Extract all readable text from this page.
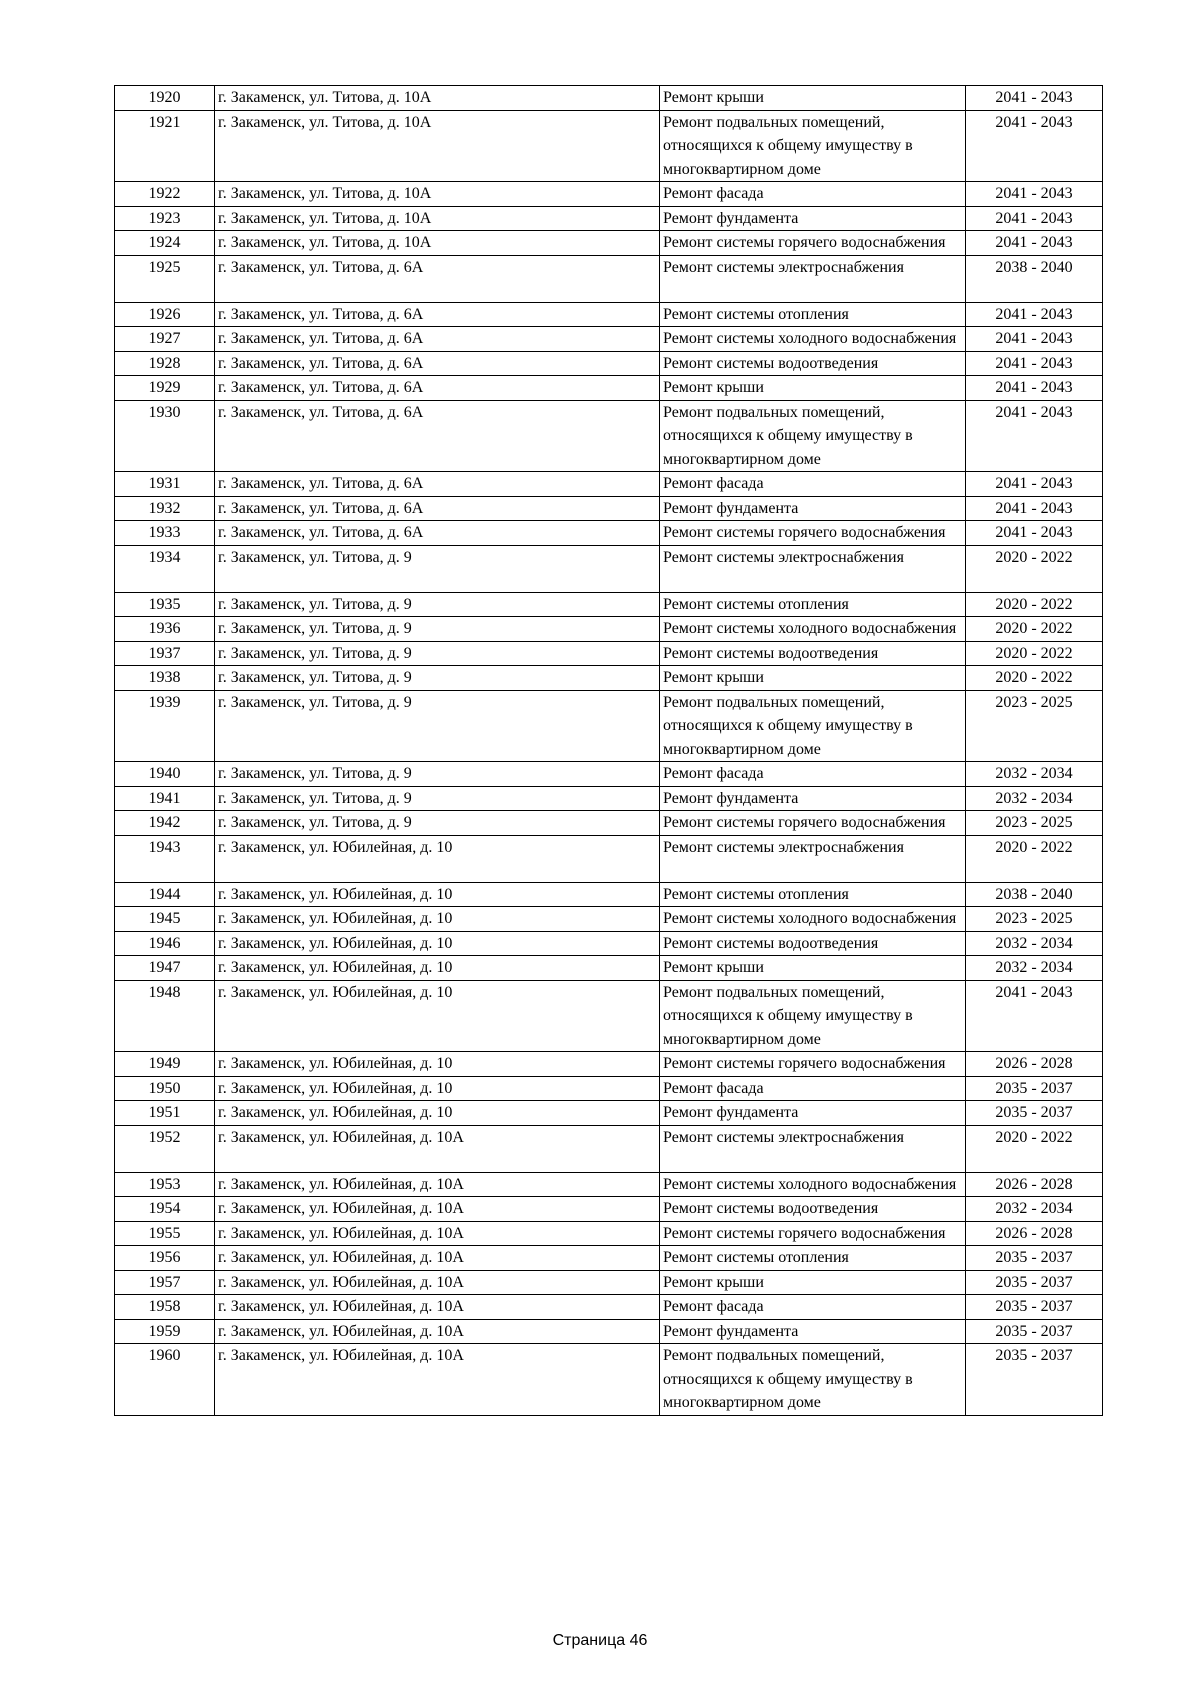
1920	г. Закаменск, ул. Титова, д. 10А	Ремонт крыши	2041 - 2043
1921	г. Закаменск, ул. Титова, д. 10А	Ремонт подвальных помещений, относящихся к общему имуществу в многоквартирном доме	2041 - 2043
1922	г. Закаменск, ул. Титова, д. 10А	Ремонт фасада	2041 - 2043
1923	г. Закаменск, ул. Титова, д. 10А	Ремонт фундамента	2041 - 2043
1924	г. Закаменск, ул. Титова, д. 10А	Ремонт системы горячего водоснабжения	2041 - 2043
1925	г. Закаменск, ул. Титова, д. 6А	Ремонт системы электроснабжения	2038 - 2040
1926	г. Закаменск, ул. Титова, д. 6А	Ремонт системы отопления	2041 - 2043
1927	г. Закаменск, ул. Титова, д. 6А	Ремонт системы холодного водоснабжения	2041 - 2043
1928	г. Закаменск, ул. Титова, д. 6А	Ремонт системы водоотведения	2041 - 2043
1929	г. Закаменск, ул. Титова, д. 6А	Ремонт крыши	2041 - 2043
1930	г. Закаменск, ул. Титова, д. 6А	Ремонт подвальных помещений, относящихся к общему имуществу в многоквартирном доме	2041 - 2043
1931	г. Закаменск, ул. Титова, д. 6А	Ремонт фасада	2041 - 2043
1932	г. Закаменск, ул. Титова, д. 6А	Ремонт фундамента	2041 - 2043
1933	г. Закаменск, ул. Титова, д. 6А	Ремонт системы горячего водоснабжения	2041 - 2043
1934	г. Закаменск, ул. Титова, д. 9	Ремонт системы электроснабжения	2020 - 2022
1935	г. Закаменск, ул. Титова, д. 9	Ремонт системы отопления	2020 - 2022
1936	г. Закаменск, ул. Титова, д. 9	Ремонт системы холодного водоснабжения	2020 - 2022
1937	г. Закаменск, ул. Титова, д. 9	Ремонт системы водоотведения	2020 - 2022
1938	г. Закаменск, ул. Титова, д. 9	Ремонт крыши	2020 - 2022
1939	г. Закаменск, ул. Титова, д. 9	Ремонт подвальных помещений, относящихся к общему имуществу в многоквартирном доме	2023 - 2025
1940	г. Закаменск, ул. Титова, д. 9	Ремонт фасада	2032 - 2034
1941	г. Закаменск, ул. Титова, д. 9	Ремонт фундамента	2032 - 2034
1942	г. Закаменск, ул. Титова, д. 9	Ремонт системы горячего водоснабжения	2023 - 2025
1943	г. Закаменск, ул. Юбилейная, д. 10	Ремонт системы электроснабжения	2020 - 2022
1944	г. Закаменск, ул. Юбилейная, д. 10	Ремонт системы отопления	2038 - 2040
1945	г. Закаменск, ул. Юбилейная, д. 10	Ремонт системы холодного водоснабжения	2023 - 2025
1946	г. Закаменск, ул. Юбилейная, д. 10	Ремонт системы водоотведения	2032 - 2034
1947	г. Закаменск, ул. Юбилейная, д. 10	Ремонт крыши	2032 - 2034
1948	г. Закаменск, ул. Юбилейная, д. 10	Ремонт подвальных помещений, относящихся к общему имуществу в многоквартирном доме	2041 - 2043
1949	г. Закаменск, ул. Юбилейная, д. 10	Ремонт системы горячего водоснабжения	2026 - 2028
1950	г. Закаменск, ул. Юбилейная, д. 10	Ремонт фасада	2035 - 2037
1951	г. Закаменск, ул. Юбилейная, д. 10	Ремонт фундамента	2035 - 2037
1952	г. Закаменск, ул. Юбилейная, д. 10А	Ремонт системы электроснабжения	2020 - 2022
1953	г. Закаменск, ул. Юбилейная, д. 10А	Ремонт системы холодного водоснабжения	2026 - 2028
1954	г. Закаменск, ул. Юбилейная, д. 10А	Ремонт системы водоотведения	2032 - 2034
1955	г. Закаменск, ул. Юбилейная, д. 10А	Ремонт системы горячего водоснабжения	2026 - 2028
1956	г. Закаменск, ул. Юбилейная, д. 10А	Ремонт системы отопления	2035 - 2037
1957	г. Закаменск, ул. Юбилейная, д. 10А	Ремонт крыши	2035 - 2037
1958	г. Закаменск, ул. Юбилейная, д. 10А	Ремонт фасада	2035 - 2037
1959	г. Закаменск, ул. Юбилейная, д. 10А	Ремонт фундамента	2035 - 2037
1960	г. Закаменск, ул. Юбилейная, д. 10А	Ремонт подвальных помещений, относящихся к общему имуществу в многоквартирном доме	2035 - 2037
Страница 46
